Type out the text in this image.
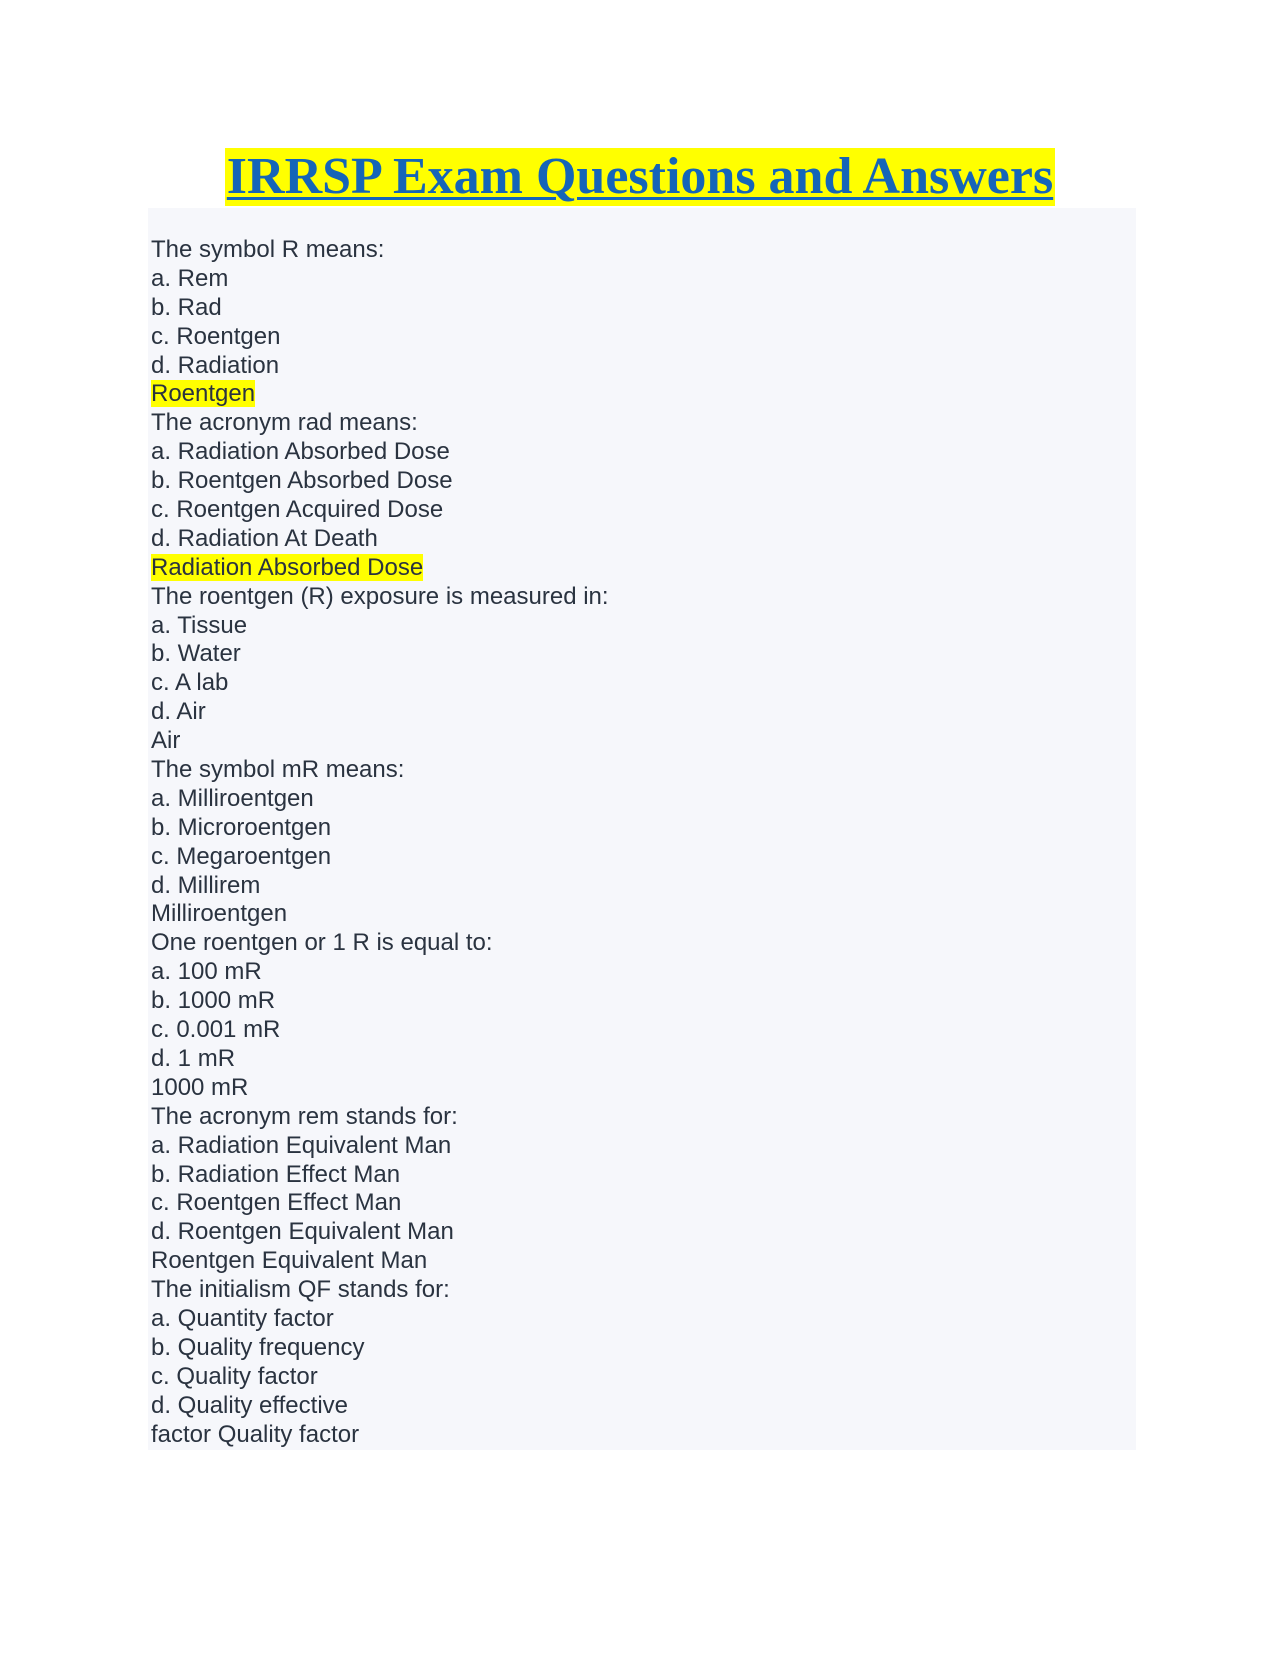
IRRSP Exam Questions and Answers
The symbol R means:
a. Rem
b. Rad
c. Roentgen
d. Radiation
Roentgen
The acronym rad means:
a. Radiation Absorbed Dose
b. Roentgen Absorbed Dose
c. Roentgen Acquired Dose
d. Radiation At Death
Radiation Absorbed Dose
The roentgen (R) exposure is measured in:
a. Tissue
b. Water
c. A lab
d. Air
Air
The symbol mR means:
a. Milliroentgen
b. Microroentgen
c. Megaroentgen
d. Millirem
Milliroentgen
One roentgen or 1 R is equal to:
a. 100 mR
b. 1000 mR
c. 0.001 mR
d. 1 mR
1000 mR
The acronym rem stands for:
a. Radiation Equivalent Man
b. Radiation Effect Man
c. Roentgen Effect Man
d. Roentgen Equivalent Man
Roentgen Equivalent Man
The initialism QF stands for:
a. Quantity factor
b. Quality frequency
c. Quality factor
d. Quality effective
factor Quality factor
